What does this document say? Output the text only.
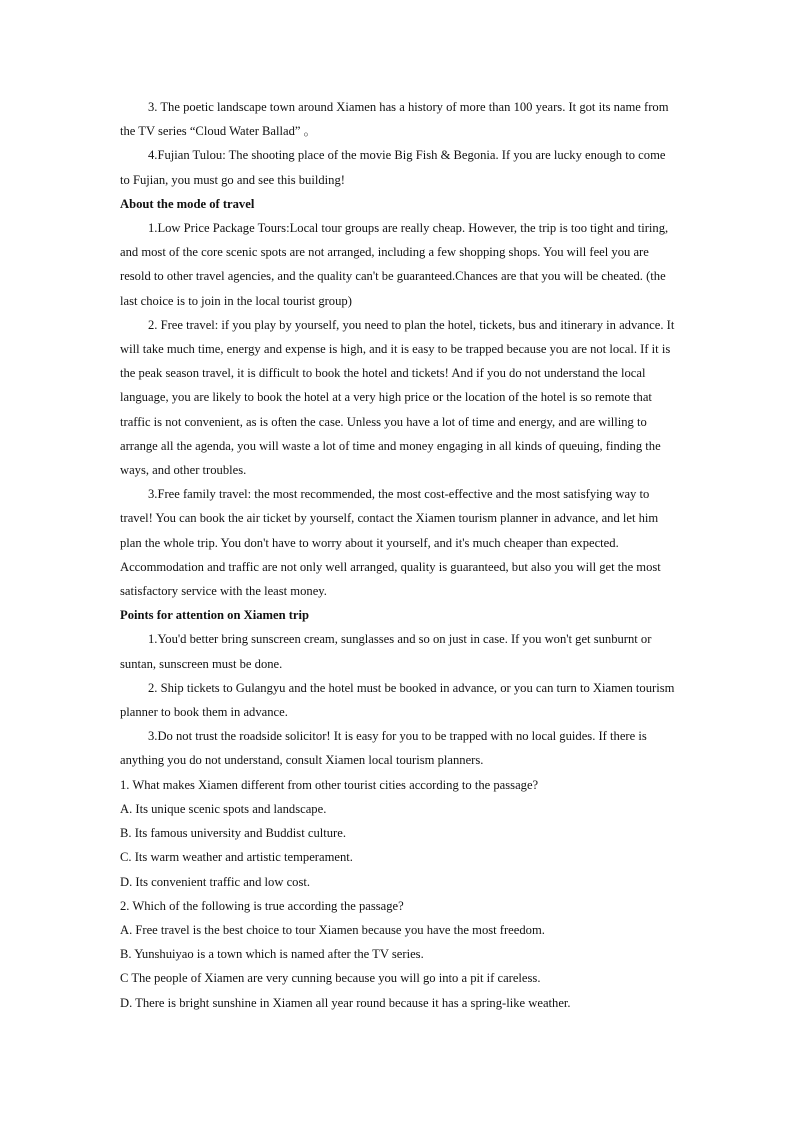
3. The poetic landscape town around Xiamen has a history of more than 100 years. It got its name from the TV series “Cloud Water Ballad” 。

4.Fujian Tulou: The shooting place of the movie Big Fish & Begonia. If you are lucky enough to come to Fujian, you must go and see this building!

About the mode of travel

1.Low Price Package Tours:Local tour groups are really cheap. However, the trip is too tight and tiring, and most of the core scenic spots are not arranged, including a few shopping shops. You will feel you are resold to other travel agencies, and the quality can't be guaranteed.Chances are that you will be cheated. (the last choice is to join in the local tourist group)

2. Free travel: if you play by yourself, you need to plan the hotel, tickets, bus and itinerary in advance. It will take much time, energy and expense is high, and it is easy to be trapped because you are not local. If it is the peak season travel, it is difficult to book the hotel and tickets! And if you do not understand the local language, you are likely to book the hotel at a very high price or the location of the hotel is so remote that traffic is not convenient, as is often the case. Unless you have a lot of time and energy, and are willing to arrange all the agenda, you will waste a lot of time and money engaging in all kinds of queuing, finding the ways, and other troubles.

3.Free family travel: the most recommended, the most cost-effective and the most satisfying way to travel! You can book the air ticket by yourself, contact the Xiamen tourism planner in advance, and let him plan the whole trip. You don't have to worry about it yourself, and it's much cheaper than expected. Accommodation and traffic are not only well arranged, quality is guaranteed, but also you will get the most satisfactory service with the least money.

Points for attention on Xiamen trip

1.You'd better bring sunscreen cream, sunglasses and so on just in case. If you won't get sunburnt or suntan, sunscreen must be done.

2. Ship tickets to Gulangyu and the hotel must be booked in advance, or you can turn to Xiamen tourism planner to book them in advance.

3.Do not trust the roadside solicitor! It is easy for you to be trapped with no local guides. If there is anything you do not understand, consult Xiamen local tourism planners.

1. What makes Xiamen different from other tourist cities according to the passage?

A. Its unique scenic spots and landscape.

B. Its famous university and Buddist culture.

C. Its warm weather and artistic temperament.

D. Its convenient traffic and low cost.

2. Which of the following is true according the passage?

A. Free travel is the best choice to tour Xiamen because you have the most freedom.

B. Yunshuiyao is a town which is named after the TV series.

C The people of Xiamen are very cunning because you will go into a pit if careless.

D. There is bright sunshine in Xiamen all year round because it has a spring-like weather.
